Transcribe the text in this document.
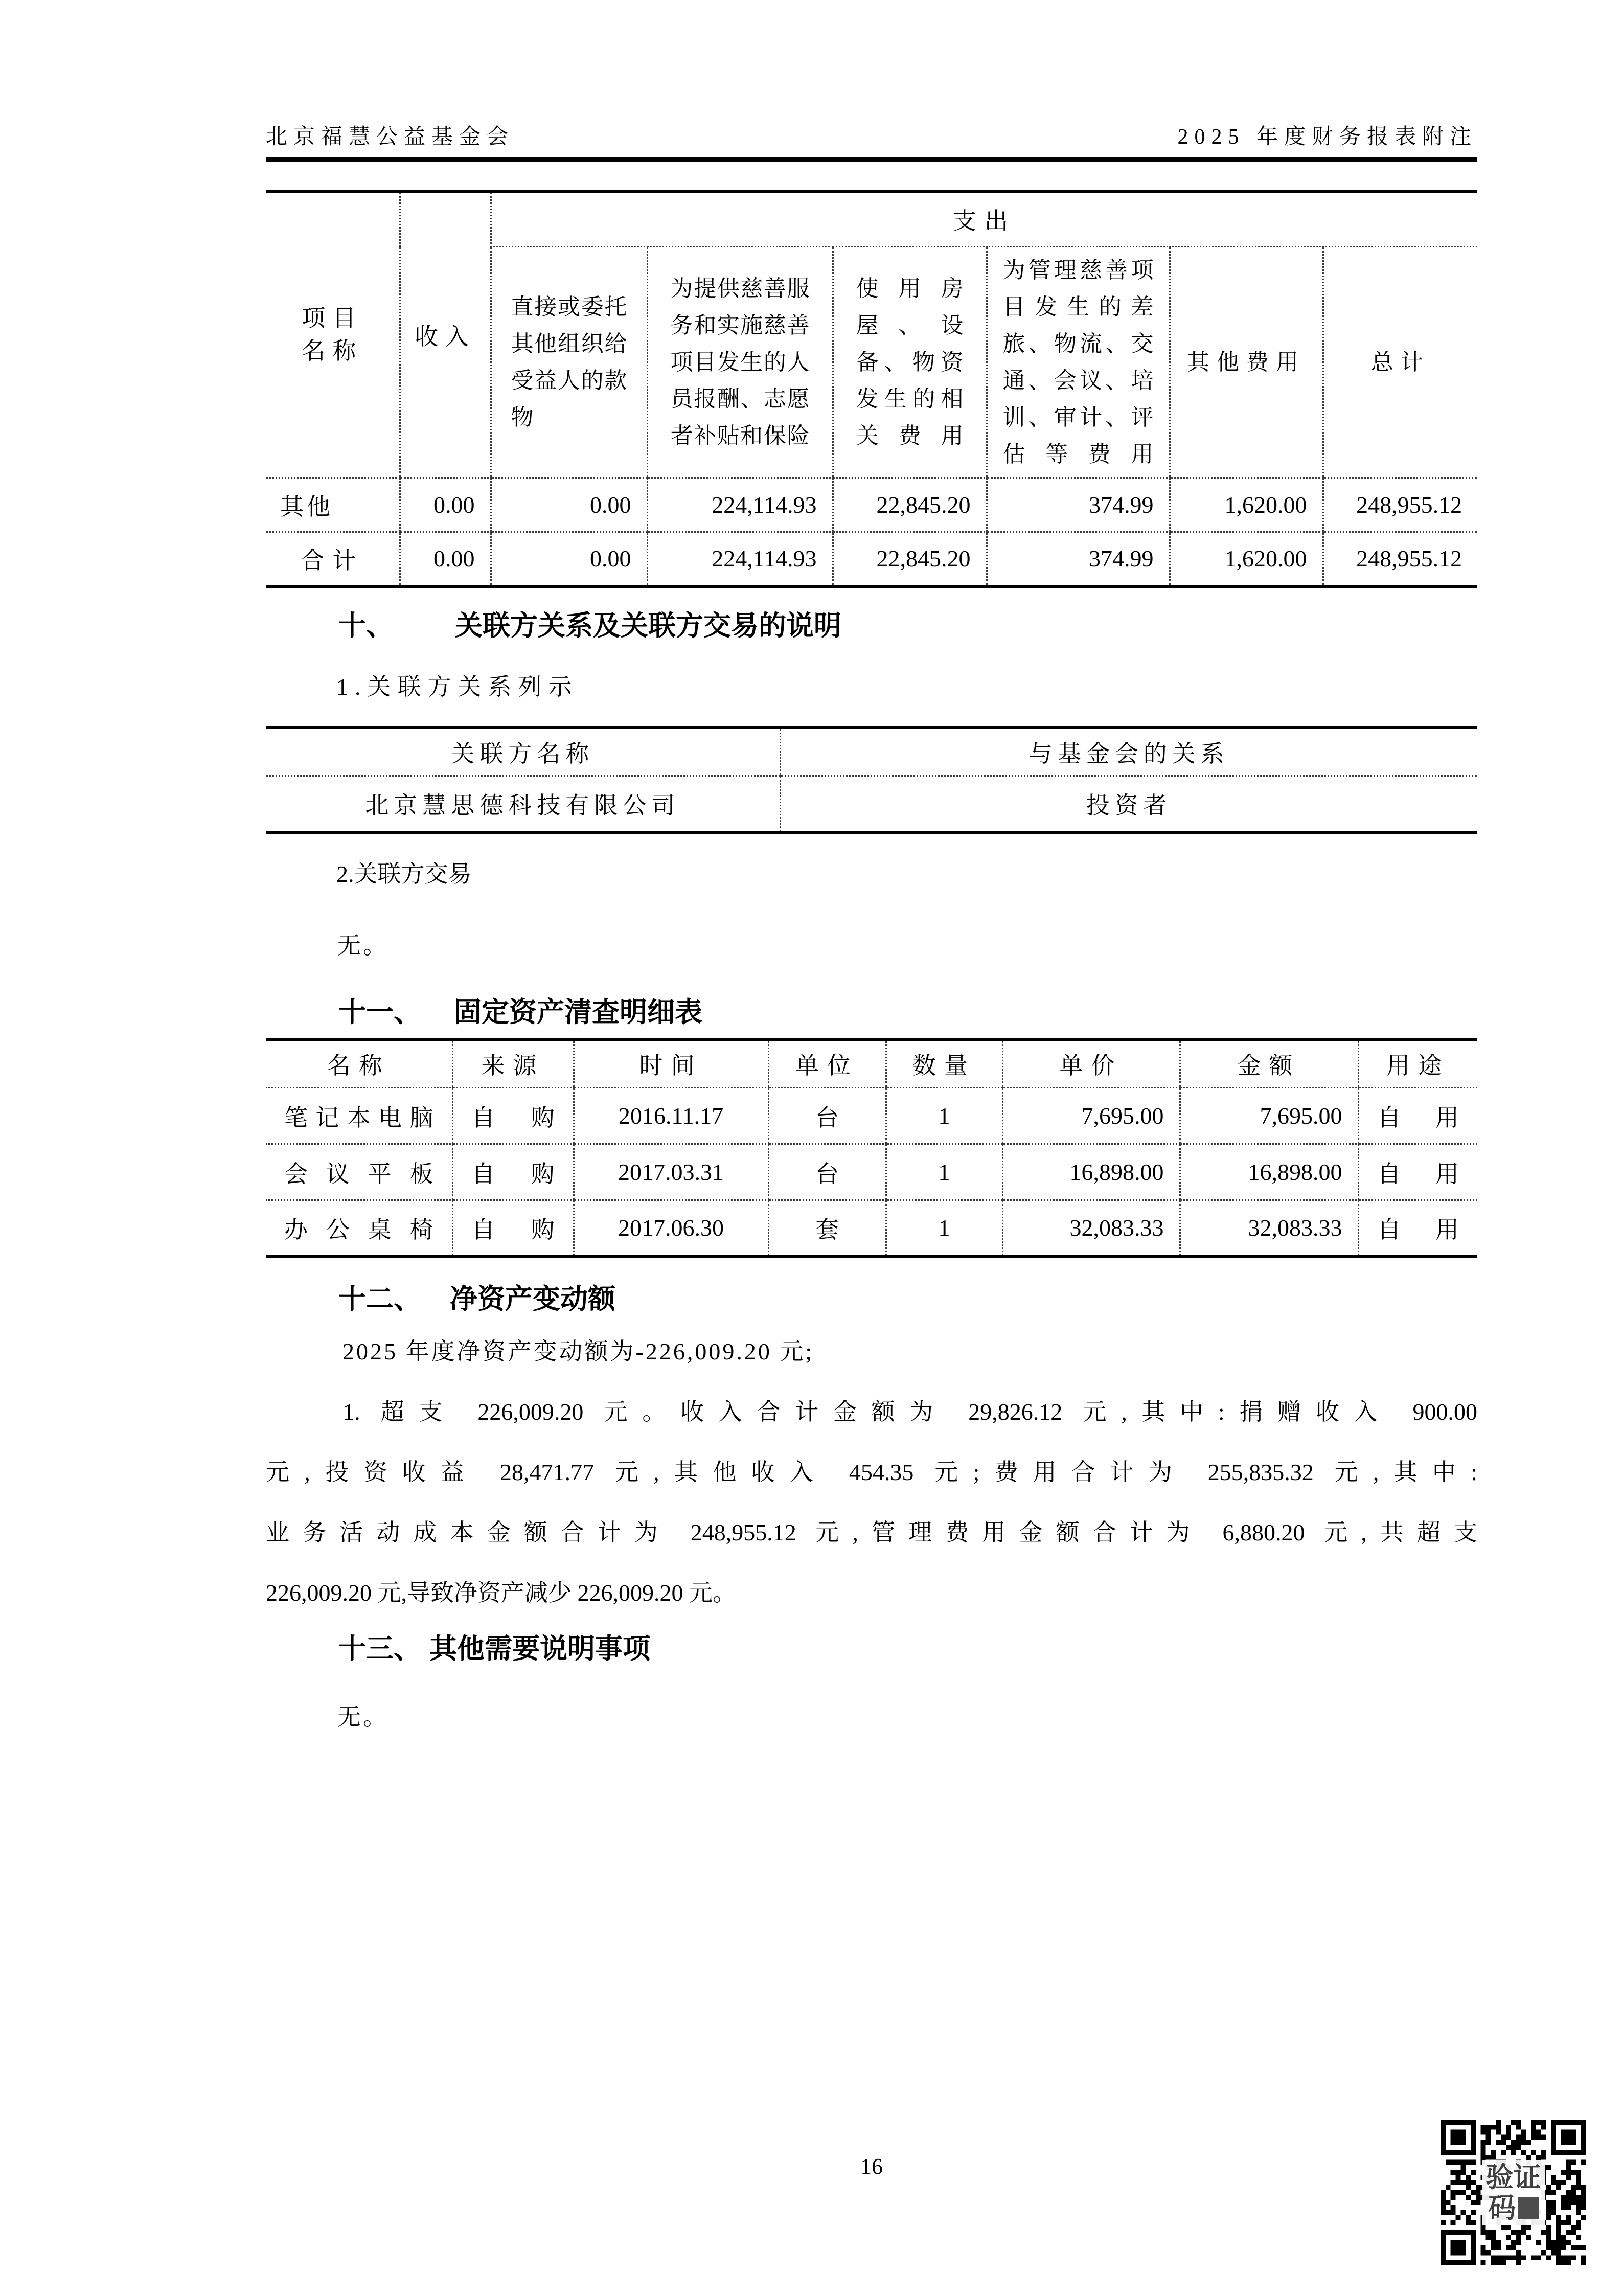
北京福慧公益基金会	2025 年度财务报表附注
项目名称	收入	支出					
		直接或委托其他组织给受益人的款物	为提供慈善服务和实施慈善项目发生的人员报酬、志愿者补贴和保险	使用房屋、设备、物资发生的相关费用	为管理慈善项目发生的差旅、物流、交通、会议、培训、审计、评估等费用	其他费用	总计
其他	0.00	0.00	224,114.93	22,845.20	374.99	1,620.00	248,955.12
合计	0.00	0.00	224,114.93	22,845.20	374.99	1,620.00	248,955.12
十、 关联方关系及关联方交易的说明
1.关联方关系列示
关联方名称	与基金会的关系
北京慧思德科技有限公司	投资者
2.关联方交易
无。
十一、 固定资产清查明细表
名称	来源	时间	单位	数量	单价	金额	用途
笔记本电脑	自购	2016.11.17	台	1	7,695.00	7,695.00	自用
会议平板	自购	2017.03.31	台	1	16,898.00	16,898.00	自用
办公桌椅	自购	2017.06.30	套	1	32,083.33	32,083.33	自用
十二、 净资产变动额
2025 年度净资产变动额为-226,009.20 元;
1. 超支 226,009.20 元。收入合计金额为 29,826.12 元,其中:捐赠收入 900.00
元,投资收益 28,471.77 元,其他收入 454.35 元;费用合计为 255,835.32 元,其中:
业务活动成本金额合计为 248,955.12 元,管理费用金额合计为 6,880.20 元,共超支
226,009.20 元,导致净资产减少 226,009.20 元。
十三、 其他需要说明事项
无。
16	验证
码
